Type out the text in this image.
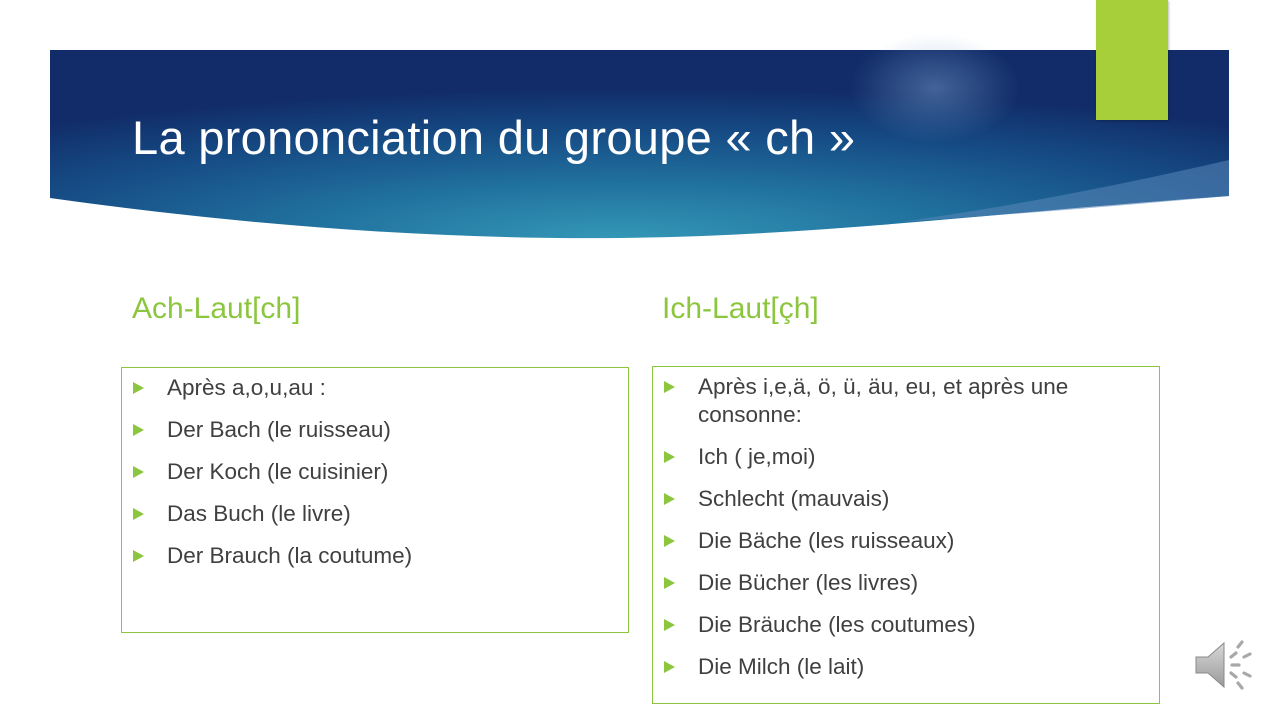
La prononciation du groupe « ch »
Ach-Laut[ch]
Après a,o,u,au :
Der Bach (le ruisseau)
Der Koch (le cuisinier)
Das Buch (le livre)
Der Brauch (la coutume)
Ich-Laut[çh]
Après i,e,ä, ö, ü, äu, eu, et après une consonne:
Ich ( je,moi)
Schlecht (mauvais)
Die Bäche (les ruisseaux)
Die Bücher (les livres)
Die Bräuche (les coutumes)
Die Milch (le lait)
